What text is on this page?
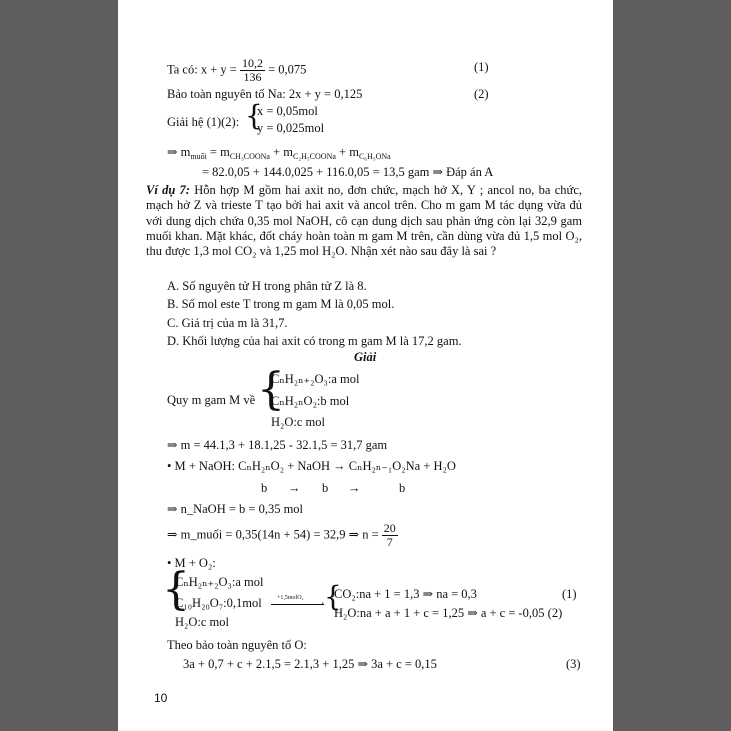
Ta có: $x + y = \frac{10,2}{136} = 0,075$	(1)
Bảo toàn nguyên tố Na: 2x + y = 0,125	(2)
Giải hệ (1)(2): {
x = 0,05mol
y = 0,025mol
⇒ $m_{muối} = m_{CH_3COONa} + m_{C_2H_5COONa} + m_{C_6H_5ONa}$
= 82.0,05 + 144.0,025 + 116.0,05 = 13,5 gam ⇒ Đáp án A
Ví dụ 7: Hỗn hợp M gồm hai axit no, đơn chức, mạch hở X, Y ; ancol no, ba chức, mạch hở Z và trieste T tạo bởi hai axit và ancol trên. Cho m gam M tác dụng vừa đủ với dung dịch chứa 0,35 mol NaOH, cô cạn dung dịch sau phản ứng còn lại 32,9 gam muối khan. Mặt khác, đốt cháy hoàn toàn m gam M trên, cần dùng vừa đủ 1,5 mol O₂, thu được 1,3 mol CO₂ và 1,25 mol H₂O. Nhận xét nào sau đây là sai ?
A. Số nguyên tử H trong phân tử Z là 8.
B. Số mol este T trong m gam M là 0,05 mol.
C. Giá trị của m là 31,7.
D. Khối lượng của hai axit có trong m gam M là 17,2 gam.
Giải
Quy m gam M về {
CₙH₂ₙ₊₂O₃:a mol
CₙH₂ₙO₂:b mol
H₂O:c mol
⇒ m = 44.1,3 + 18.1,25 - 32.1,5 = 31,7 gam
• M + NaOH: CₙH₂ₙO₂ + NaOH → CₙH₂ₙ₋₁O₂Na + H₂O
b → b →	b
⇒ n_NaOH = b = 0,35 mol
⇒ m_muối = 0,35(14n + 54) = 32,9 ⇒ $n = \frac{20}{7}$
• M + O₂:
{
CₙH₂ₙ₊₂O₃:a mol
C₁₀H₂₀O₇:0,1mol
H₂O:c mol
+1,5molO₂ › {
CO₂:na + 1 = 1,3 ⇒ na = 0,3	(1)
H₂O:na + a + 1 + c = 1,25 ⇒ a + c = -0,05 (2)
Theo bảo toàn nguyên tố O:
3a + 0,7 + c + 2.1,5 = 2.1,3 + 1,25 ⇒ 3a + c = 0,15	(3)
10
